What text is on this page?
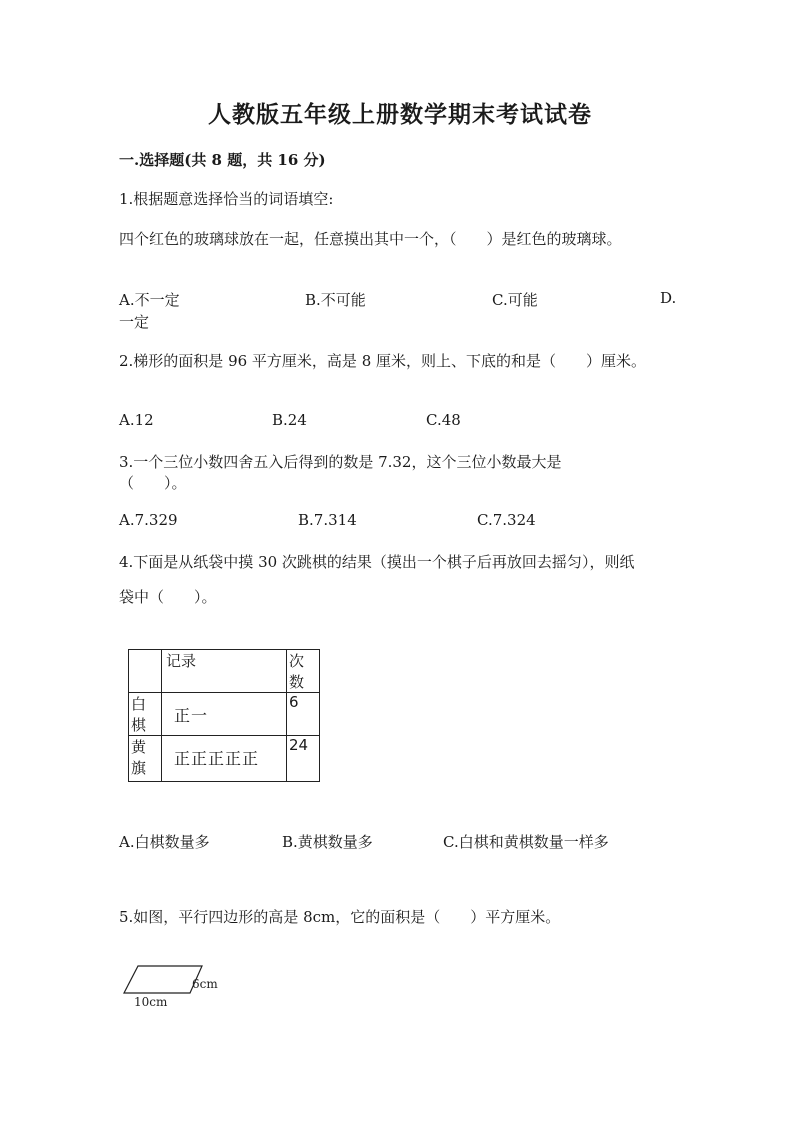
人教版五年级上册数学期末考试试卷
一.选择题(共 8 题，共 16 分)
1.根据题意选择恰当的词语填空:
四个红色的玻璃球放在一起，任意摸出其中一个，（　　）是红色的玻璃球。
A.不一定	B.不可能	C.可能	D.
一定
2.梯形的面积是 96 平方厘米，高是 8 厘米，则上、下底的和是（　　）厘米。
A.12	B.24	C.48
3.一个三位小数四舍五入后得到的数是 7.32，这个三位小数最大是
（　　）。
A.7.329	B.7.314	C.7.324
4.下面是从纸袋中摸 30 次跳棋的结果（摸出一个棋子后再放回去摇匀），则纸
袋中（　　）。
	记录	次数
白棋	正一	6
黄旗	正正正正正	24
A.白棋数量多	B.黄棋数量多	C.白棋和黄棋数量一样多
5.如图，平行四边形的高是 8cm，它的面积是（　　）平方厘米。
6cm
10cm
